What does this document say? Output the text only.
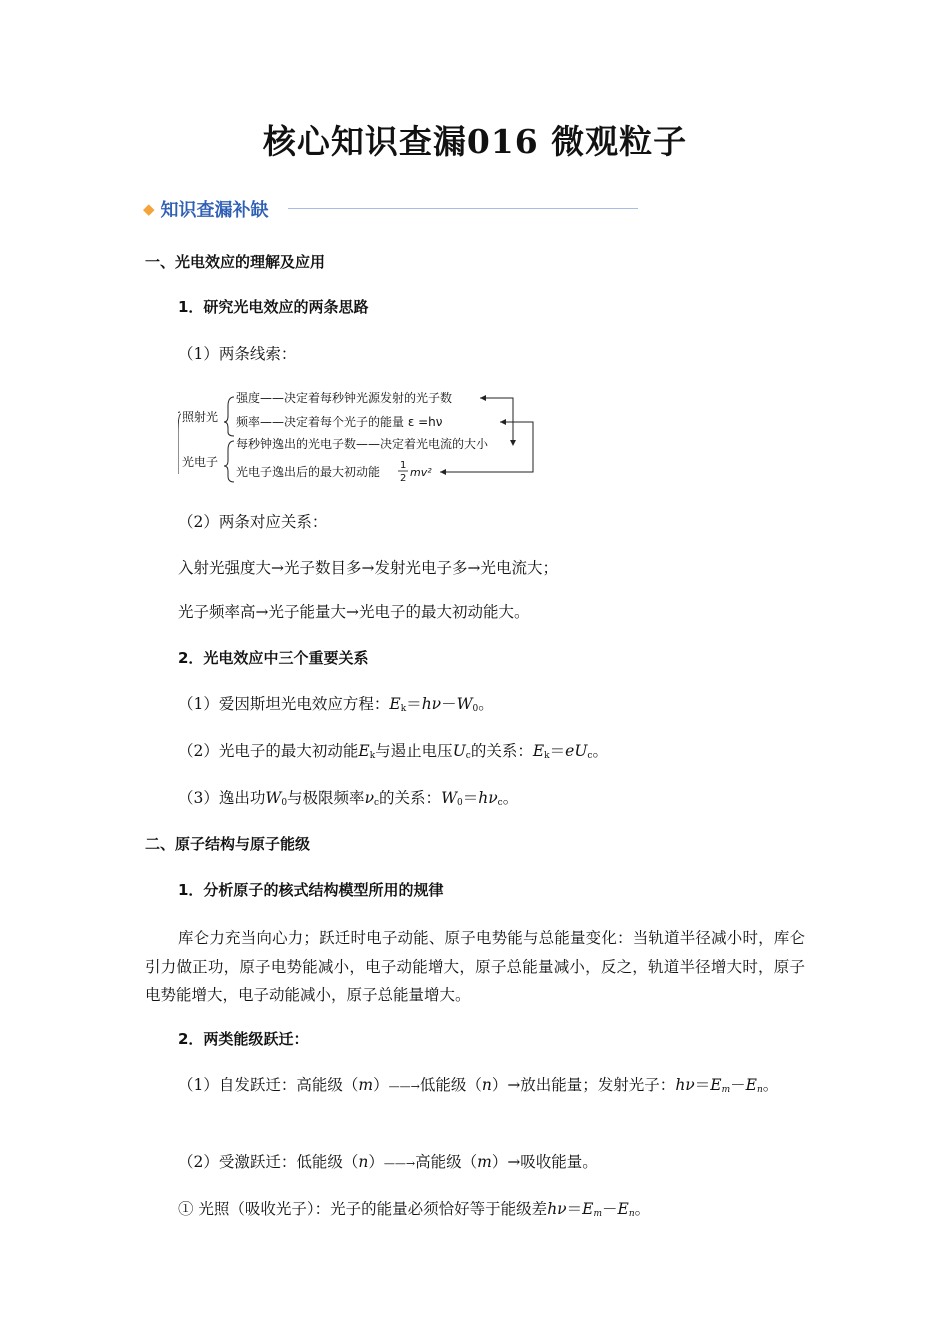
核心知识查漏016 微观粒子
◆ 知识查漏补缺
一、光电效应的理解及应用
1．研究光电效应的两条思路
（1）两条线索：
照射光
光电子
强度——决定着每秒钟光源发射的光子数
频率——决定着每个光子的能量 ε =hν
每秒钟逸出的光电子数——决定着光电流的大小
光电子逸出后的最大初动能 1
2 mv²
（2）两条对应关系：
入射光强度大→光子数目多→发射光电子多→光电流大；
光子频率高→光子能量大→光电子的最大初动能大。
2．光电效应中三个重要关系
（1）爱因斯坦光电效应方程：$E_k=h\nu-W_0$。
（2）光电子的最大初动能$E_k$与遏止电压$U_c$的关系：$E_k=eU_c$。
（3）逸出功$W_0$与极限频率$\nu_c$的关系：$W_0=h\nu_c$。
二、原子结构与原子能级
1．分析原子的核式结构模型所用的规律
库仑力充当向心力；跃迁时电子动能、原子电势能与总能量变化：当轨道半径减小时，库仑引力做正功，原子电势能减小，电子动能增大，原子总能量减小，反之，轨道半径增大时，原子电势能增大，电子动能减小，原子总能量增大。
2．两类能级跃迁：
（1）自发跃迁：高能级（m）——→低能级（n）→放出能量；发射光子：$h\nu=E_m-E_n$。
（2）受激跃迁：低能级（n）——→高能级（m）→吸收能量。
① 光照（吸收光子）：光子的能量必须恰好等于能级差$h\nu=E_m-E_n$。
